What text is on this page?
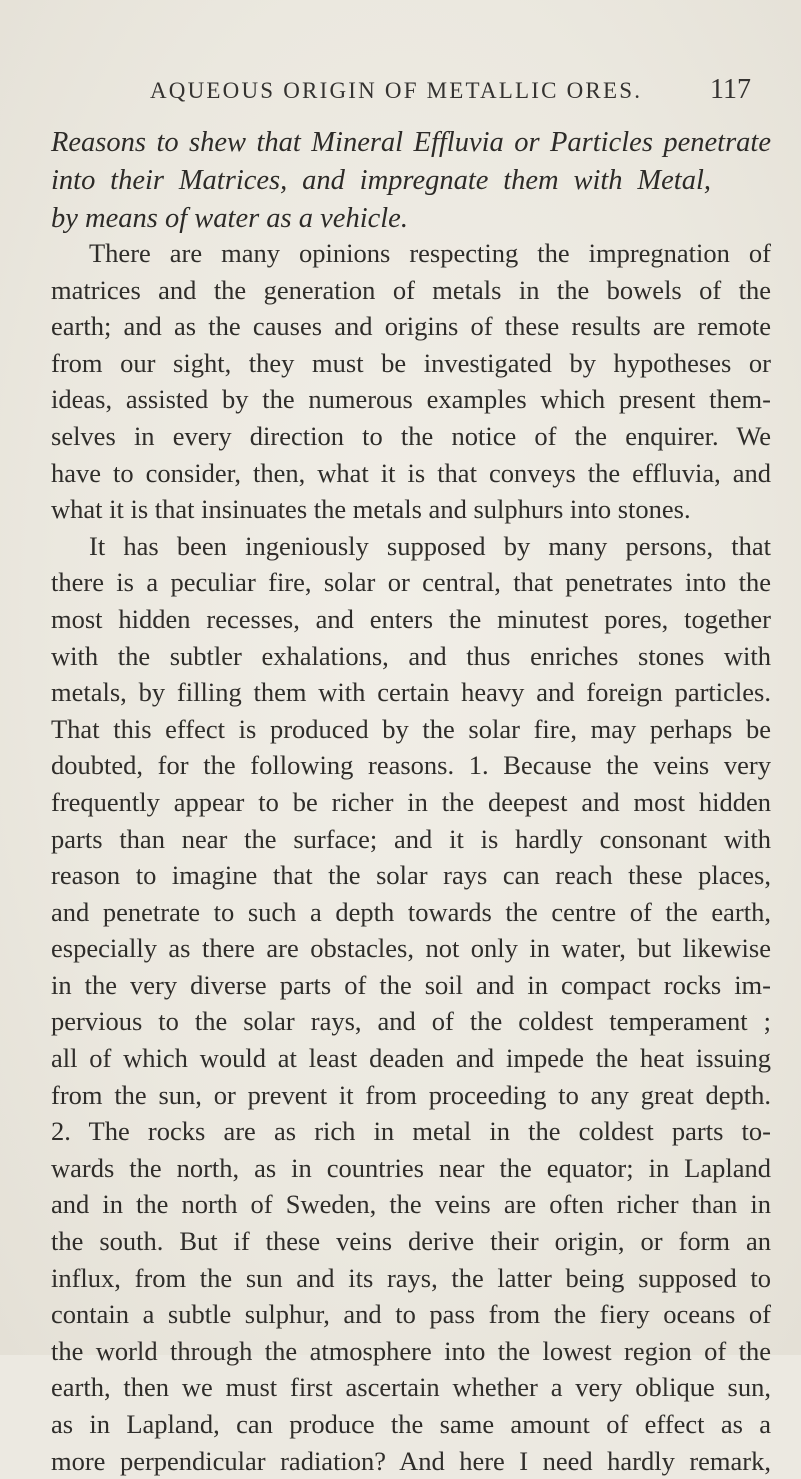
AQUEOUS ORIGIN OF METALLIC ORES. 117
Reasons to shew that Mineral Effluvia or Particles penetrate
into their Matrices, and impregnate them with Metal,
by means of water as a vehicle.
There are many opinions respecting the impregnation of
matrices and the generation of metals in the bowels of the
earth; and as the causes and origins of these results are remote
from our sight, they must be investigated by hypotheses or
ideas, assisted by the numerous examples which present them-
selves in every direction to the notice of the enquirer. We
have to consider, then, what it is that conveys the effluvia, and
what it is that insinuates the metals and sulphurs into stones.
It has been ingeniously supposed by many persons, that
there is a peculiar fire, solar or central, that penetrates into the
most hidden recesses, and enters the minutest pores, together
with the subtler exhalations, and thus enriches stones with
metals, by filling them with certain heavy and foreign particles.
That this effect is produced by the solar fire, may perhaps be
doubted, for the following reasons. 1. Because the veins very
frequently appear to be richer in the deepest and most hidden
parts than near the surface; and it is hardly consonant with
reason to imagine that the solar rays can reach these places,
and penetrate to such a depth towards the centre of the earth,
especially as there are obstacles, not only in water, but likewise
in the very diverse parts of the soil and in compact rocks im-
pervious to the solar rays, and of the coldest temperament ;
all of which would at least deaden and impede the heat issuing
from the sun, or prevent it from proceeding to any great depth.
2. The rocks are as rich in metal in the coldest parts to-
wards the north, as in countries near the equator; in Lapland
and in the north of Sweden, the veins are often richer than in
the south. But if these veins derive their origin, or form an
influx, from the sun and its rays, the latter being supposed to
contain a subtle sulphur, and to pass from the fiery oceans of
the world through the atmosphere into the lowest region of the
earth, then we must first ascertain whether a very oblique sun,
as in Lapland, can produce the same amount of effect as a
more perpendicular radiation? And here I need hardly remark,
